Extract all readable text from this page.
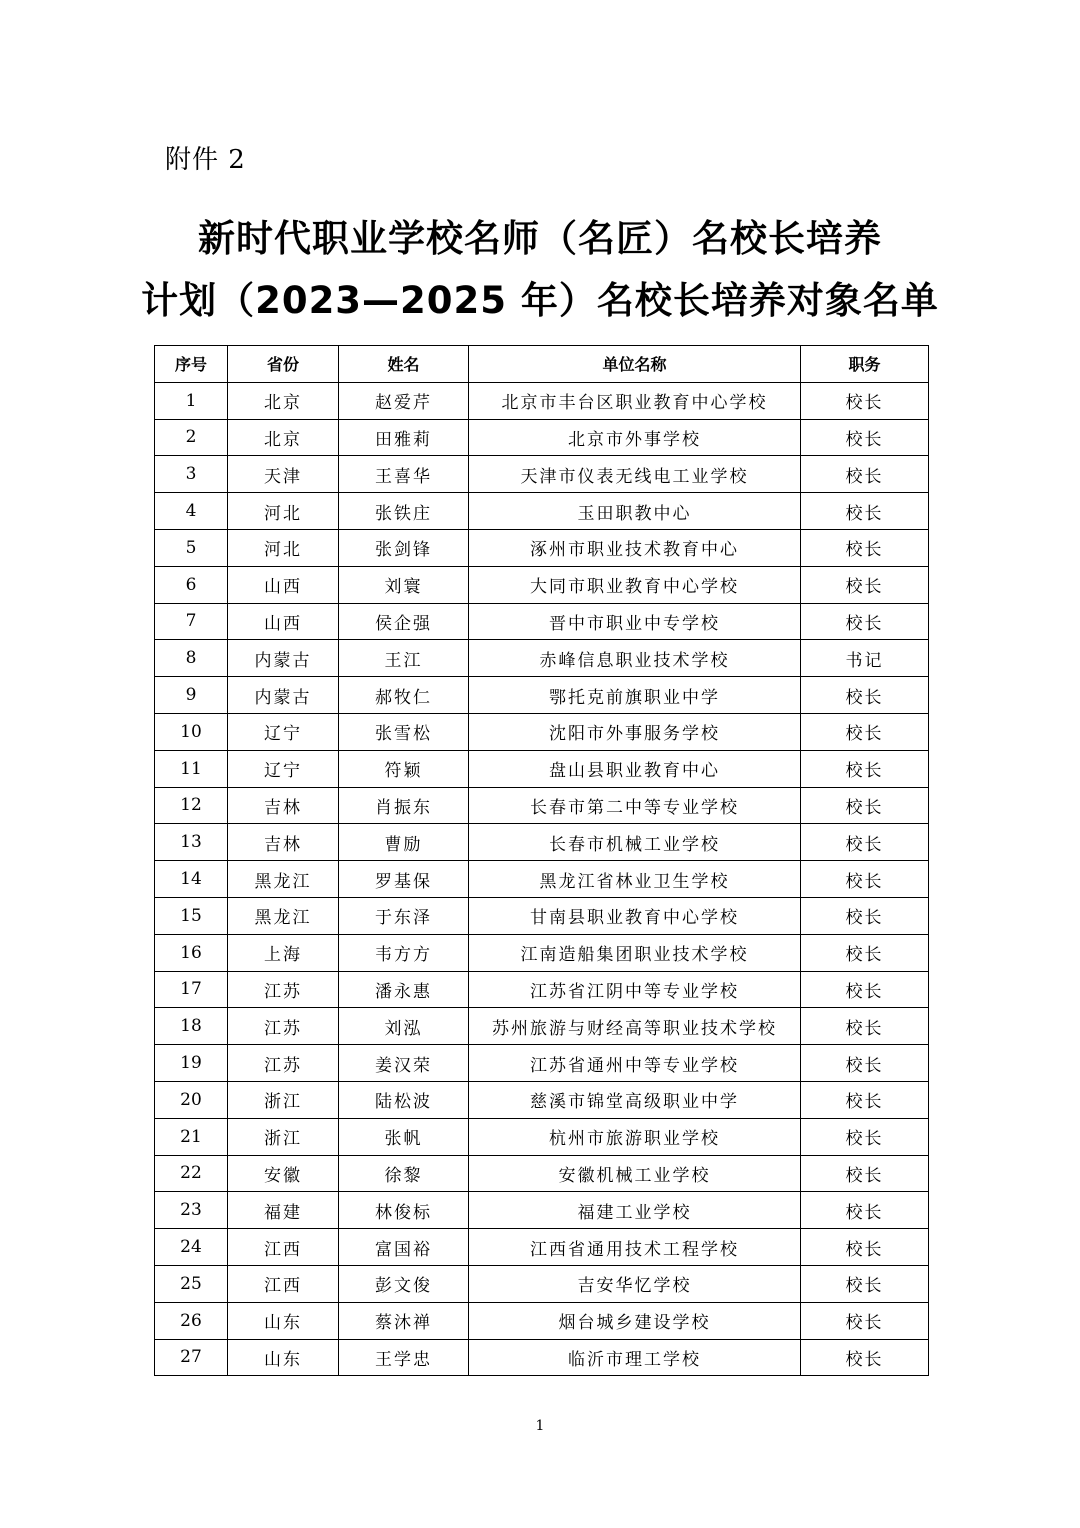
附件 2
新时代职业学校名师（名匠）名校长培养
计划（2023—2025 年）名校长培养对象名单
序号	省份	姓名	单位名称	职务
1	北京	赵爱芹	北京市丰台区职业教育中心学校	校长
2	北京	田雅莉	北京市外事学校	校长
3	天津	王喜华	天津市仪表无线电工业学校	校长
4	河北	张铁庄	玉田职教中心	校长
5	河北	张剑锋	涿州市职业技术教育中心	校长
6	山西	刘寰	大同市职业教育中心学校	校长
7	山西	侯企强	晋中市职业中专学校	校长
8	内蒙古	王江	赤峰信息职业技术学校	书记
9	内蒙古	郝牧仁	鄂托克前旗职业中学	校长
10	辽宁	张雪松	沈阳市外事服务学校	校长
11	辽宁	符颖	盘山县职业教育中心	校长
12	吉林	肖振东	长春市第二中等专业学校	校长
13	吉林	曹励	长春市机械工业学校	校长
14	黑龙江	罗基保	黑龙江省林业卫生学校	校长
15	黑龙江	于东泽	甘南县职业教育中心学校	校长
16	上海	韦方方	江南造船集团职业技术学校	校长
17	江苏	潘永惠	江苏省江阴中等专业学校	校长
18	江苏	刘泓	苏州旅游与财经高等职业技术学校	校长
19	江苏	姜汉荣	江苏省通州中等专业学校	校长
20	浙江	陆松波	慈溪市锦堂高级职业中学	校长
21	浙江	张帆	杭州市旅游职业学校	校长
22	安徽	徐黎	安徽机械工业学校	校长
23	福建	林俊标	福建工业学校	校长
24	江西	富国裕	江西省通用技术工程学校	校长
25	江西	彭文俊	吉安华忆学校	校长
26	山东	蔡沐禅	烟台城乡建设学校	校长
27	山东	王学忠	临沂市理工学校	校长
1
